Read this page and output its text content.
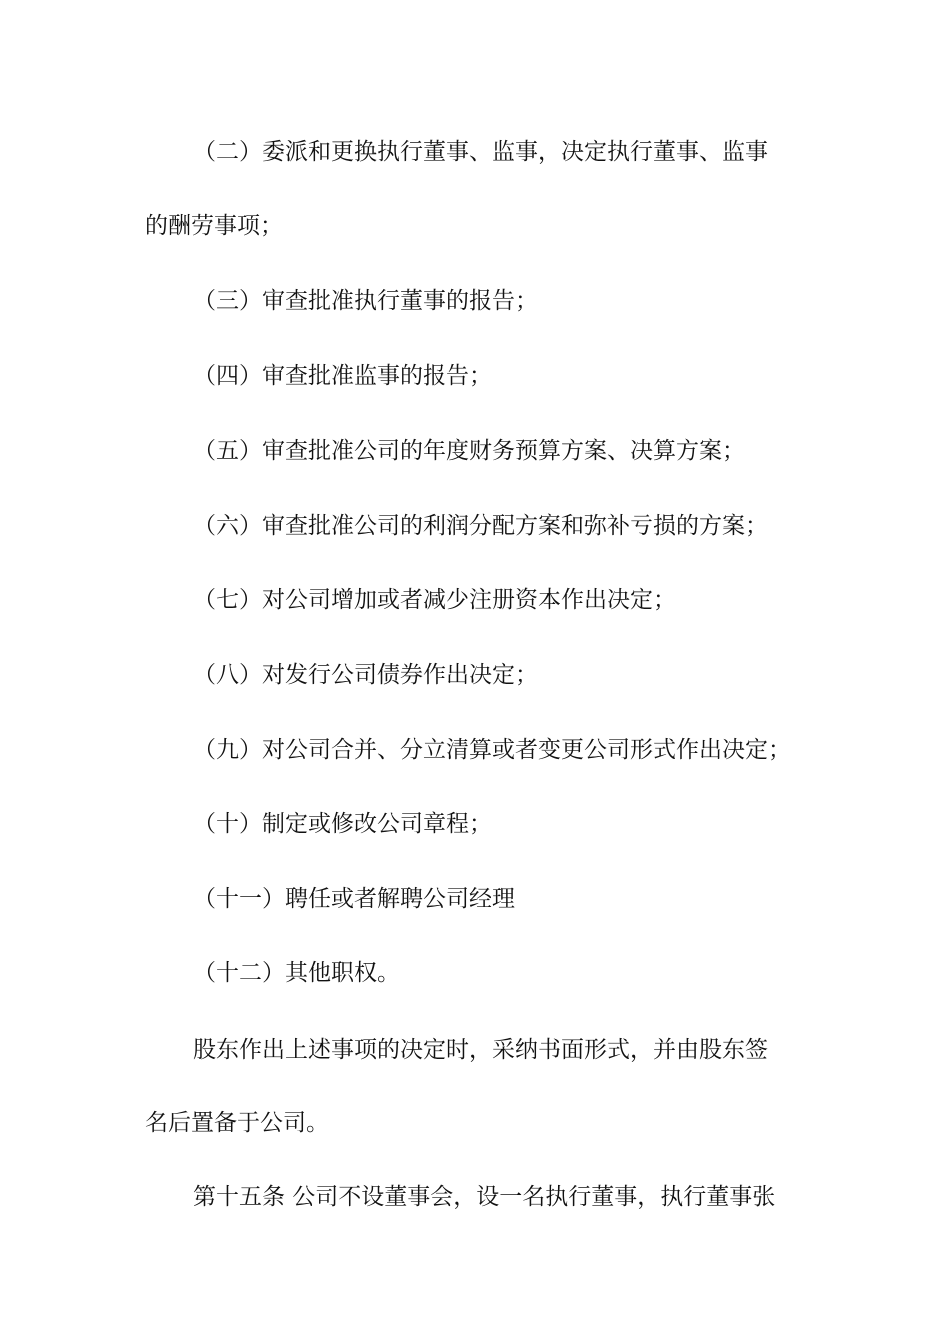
（二）委派和更换执行董事、监事，决定执行董事、监事
的酬劳事项；
（三）审查批准执行董事的报告；
（四）审查批准监事的报告；
（五）审查批准公司的年度财务预算方案、决算方案；
（六）审查批准公司的利润分配方案和弥补亏损的方案；
（七）对公司增加或者减少注册资本作出决定；
（八）对发行公司债券作出决定；
（九）对公司合并、分立清算或者变更公司形式作出决定；
（十）制定或修改公司章程；
（十一）聘任或者解聘公司经理
（十二）其他职权。
股东作出上述事项的决定时，采纳书面形式，并由股东签
名后置备于公司。
第十五条 公司不设董事会，设一名执行董事，执行董事张
